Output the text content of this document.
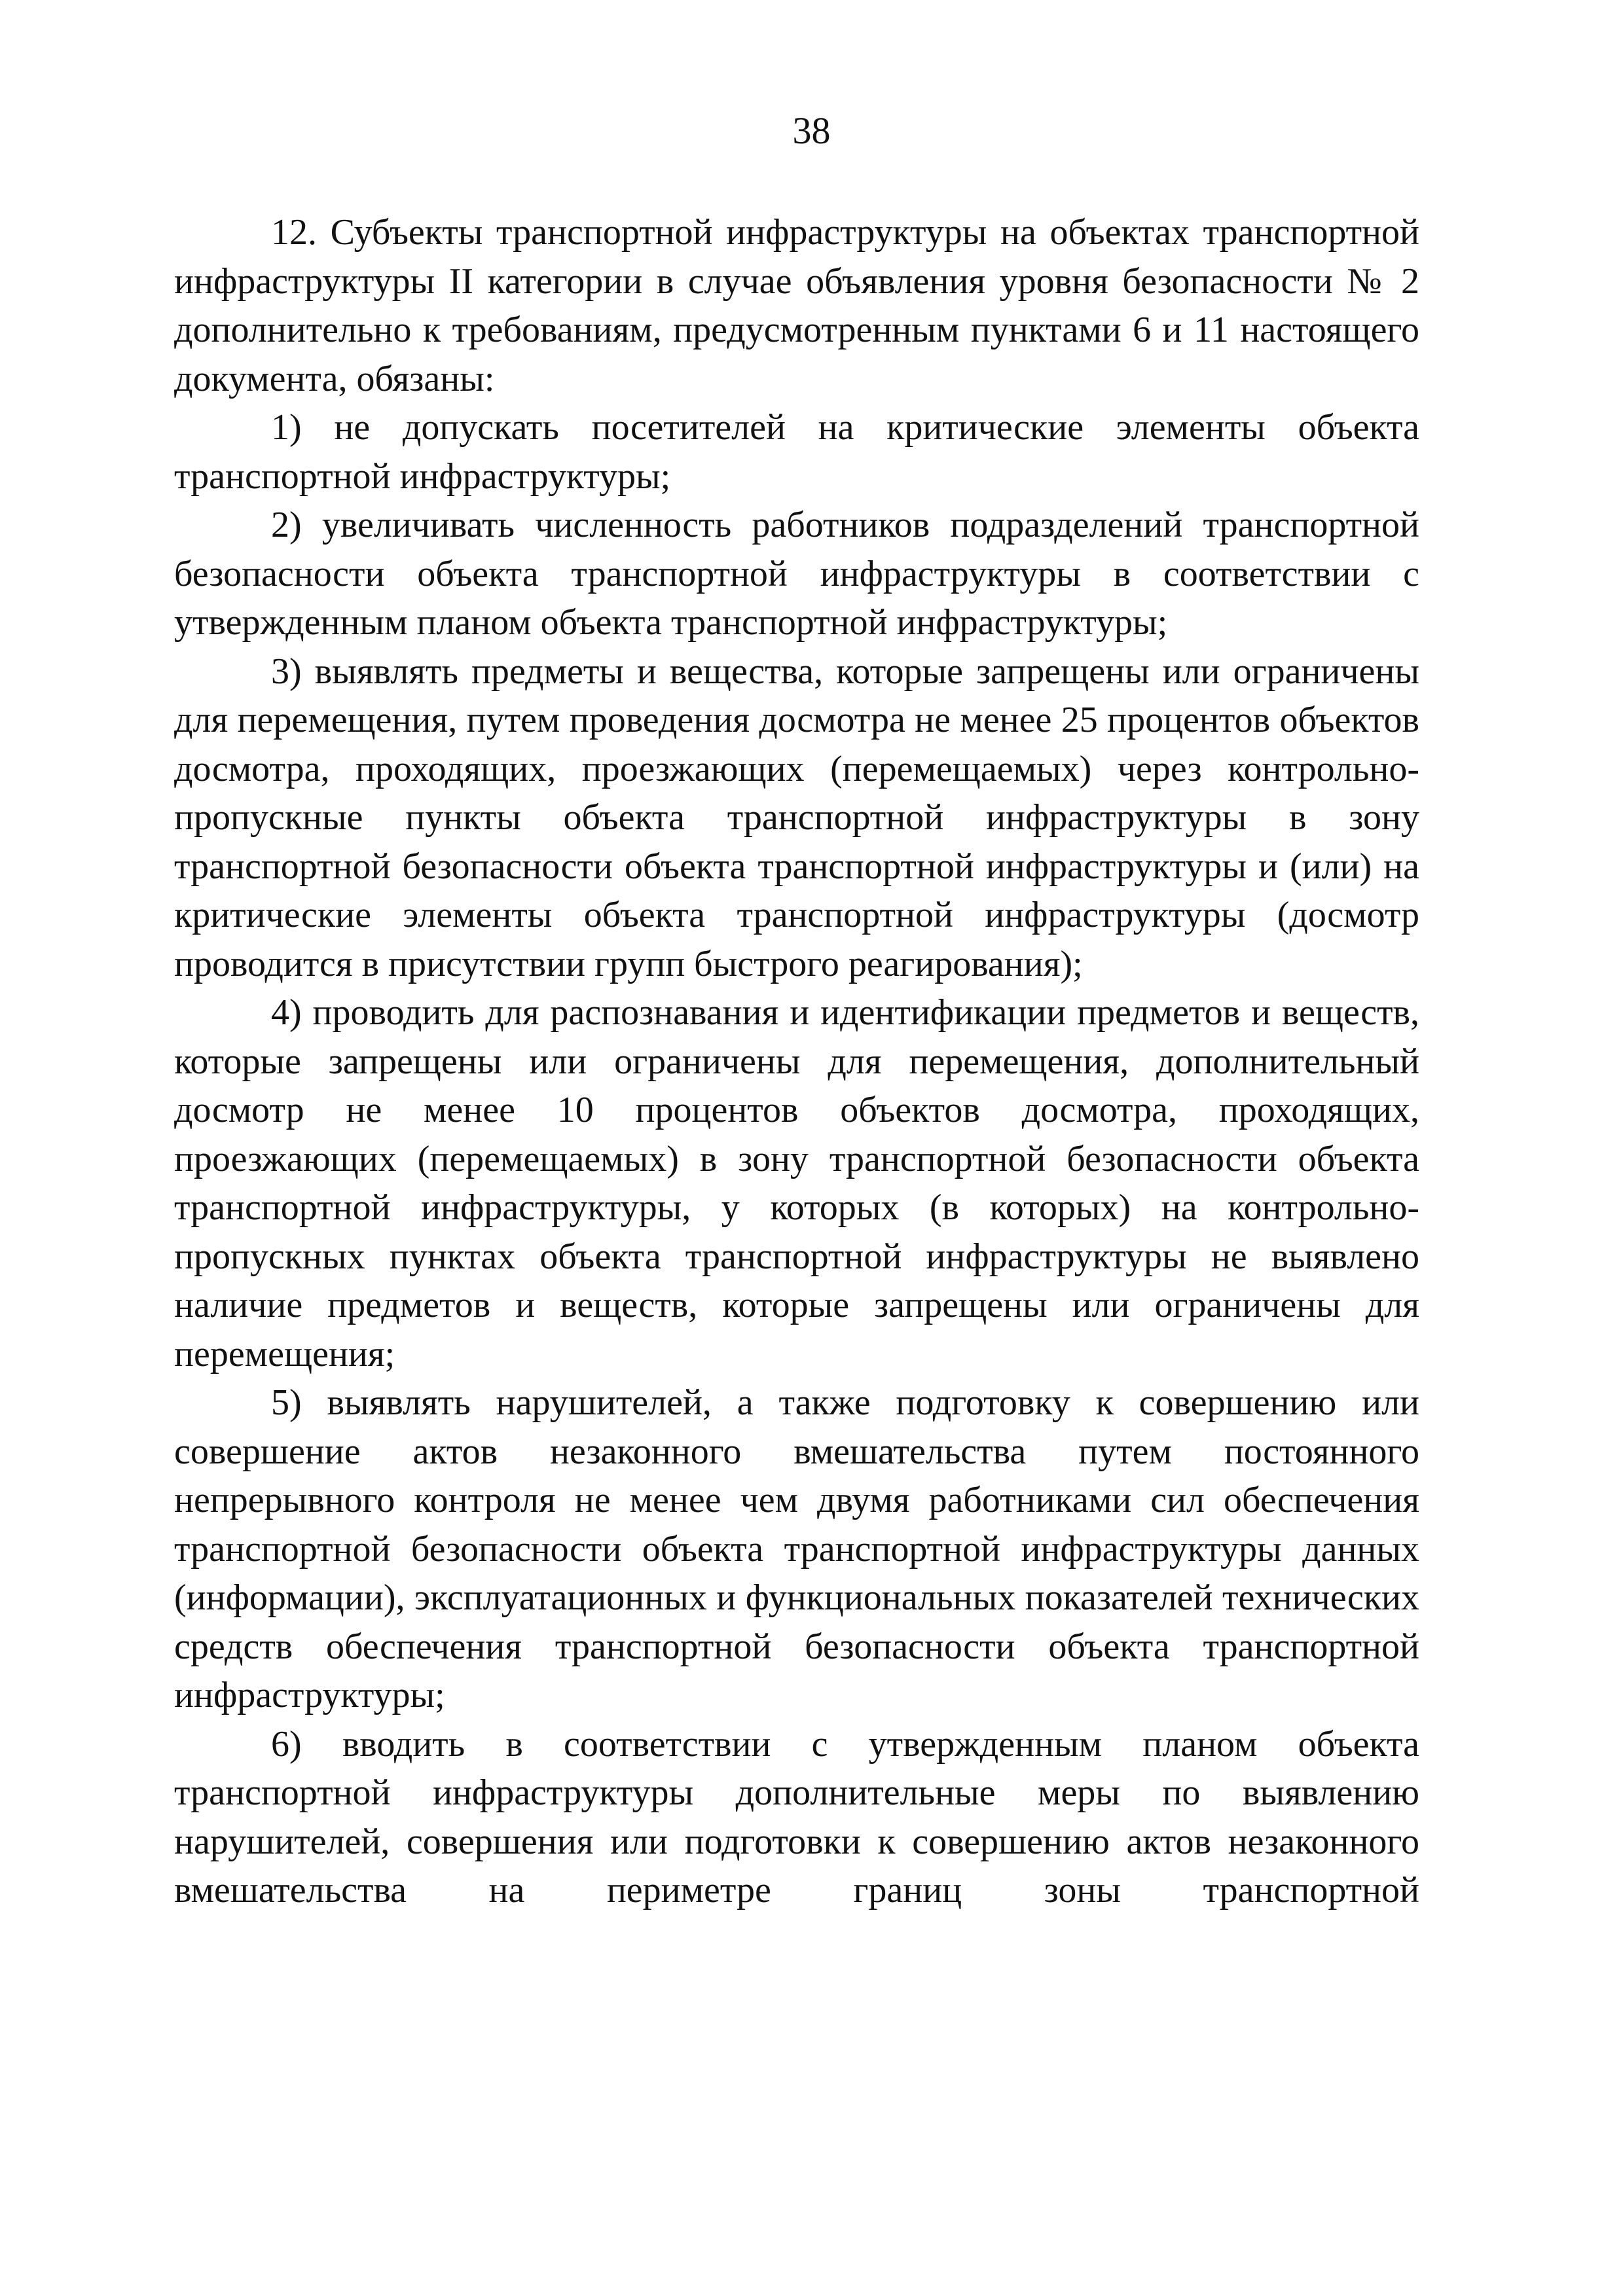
38

12. Субъекты транспортной инфраструктуры на объектах транспортной инфраструктуры II категории в случае объявления уровня безопасности № 2 дополнительно к требованиям, предусмотренным пунктами 6 и 11 настоящего документа, обязаны:

1) не допускать посетителей на критические элементы объекта транспортной инфраструктуры;

2) увеличивать численность работников подразделений транспортной безопасности объекта транспортной инфраструктуры в соответствии с утвержденным планом объекта транспортной инфраструктуры;

3) выявлять предметы и вещества, которые запрещены или ограничены для перемещения, путем проведения досмотра не менее 25 процентов объектов досмотра, проходящих, проезжающих (перемещаемых) через контрольно-пропускные пункты объекта транспортной инфраструктуры в зону транспортной безопасности объекта транспортной инфраструктуры и (или) на критические элементы объекта транспортной инфраструктуры (досмотр проводится в присутствии групп быстрого реагирования);

4) проводить для распознавания и идентификации предметов и веществ, которые запрещены или ограничены для перемещения, дополнительный досмотр не менее 10 процентов объектов досмотра, проходящих, проезжающих (перемещаемых) в зону транспортной безопасности объекта транспортной инфраструктуры, у которых (в которых) на контрольно-пропускных пунктах объекта транспортной инфраструктуры не выявлено наличие предметов и веществ, которые запрещены или ограничены для перемещения;

5) выявлять нарушителей, а также подготовку к совершению или совершение актов незаконного вмешательства путем постоянного непрерывного контроля не менее чем двумя работниками сил обеспечения транспортной безопасности объекта транспортной инфраструктуры данных (информации), эксплуатационных и функциональных показателей технических средств обеспечения транспортной безопасности объекта транспортной инфраструктуры;

6) вводить в соответствии с утвержденным планом объекта транспортной инфраструктуры дополнительные меры по выявлению нарушителей, совершения или подготовки к совершению актов незаконного вмешательства на периметре границ зоны транспортной
